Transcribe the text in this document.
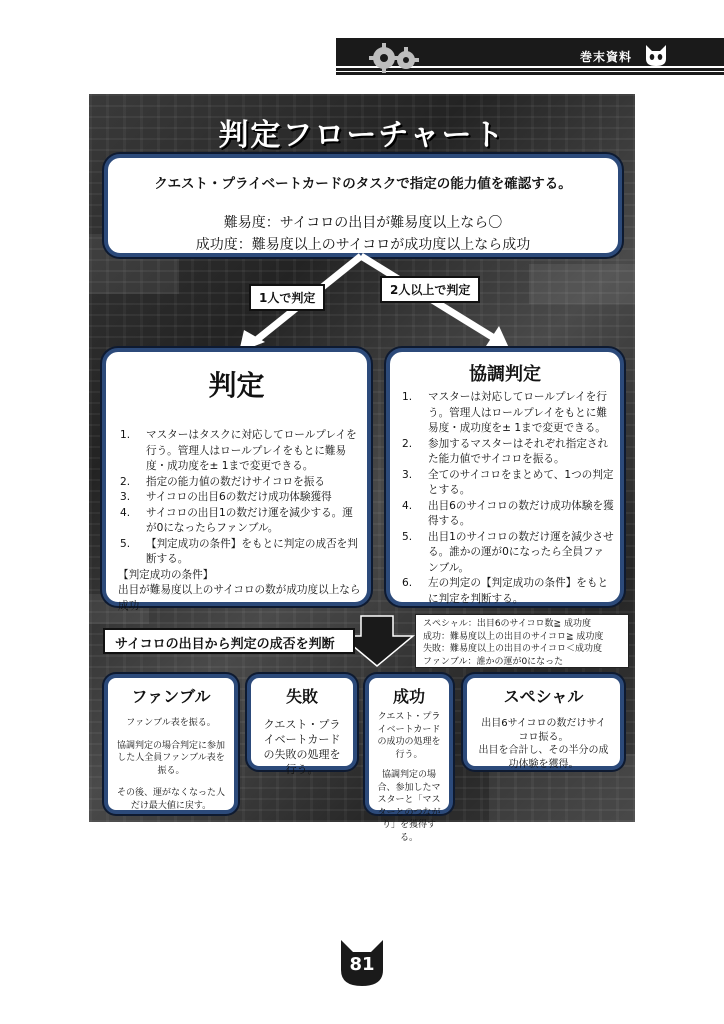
巻末資料
判定フローチャート
クエスト・プライベートカードのタスクで指定の能力値を確認する。
難易度：サイコロの出目が難易度以上なら〇
成功度：難易度以上のサイコロが成功度以上なら成功
1人で判定
2人以上で判定
判定
1. マスターはタスクに対応してロールプレイを行う。管理人はロールプレイをもとに難易度・成功度を± 1まで変更できる。
2. 指定の能力値の数だけサイコロを振る
3. サイコロの出目6の数だけ成功体験獲得
4. サイコロの出目1の数だけ運を減少する。運が0になったらファンブル。
5. 【判定成功の条件】をもとに判定の成否を判断する。
【判定成功の条件】
出目が難易度以上のサイコロの数が成功度以上なら成功
協調判定
1. マスターは対応してロールプレイを行う。管理人はロールプレイをもとに難易度・成功度を± 1まで変更できる。
2. 参加するマスターはそれぞれ指定された能力値でサイコロを振る。
3. 全てのサイコロをまとめて、1つの判定とする。
4. 出目6のサイコロの数だけ成功体験を獲得する。
5. 出目1のサイコロの数だけ運を減少させる。誰かの運が0になったら全員ファンブル。
6. 左の判定の【判定成功の条件】をもとに判定を判断する。
スペシャル：出目6のサイコロ数≧ 成功度
成功：難易度以上の出目のサイコロ≧ 成功度
失敗：難易度以上の出目のサイコロ＜成功度
ファンブル：誰かの運が0になった
サイコロの出目から判定の成否を判断
ファンブル

ファンブル表を振る。

協調判定の場合判定に参加した人全員ファンブル表を振る。

その後、運がなくなった人だけ最大値に戻す。

失敗

クエスト・プライベートカードの失敗の処理を行う。

成功

クエスト・プライベートカードの成功の処理を行う。

協調判定の場合、参加したマスターと「マスターとのつながり」を獲得する。

スペシャル

出目6サイコロの数だけサイコロ振る。

出目を合計し、その半分の成功体験を獲得。

81
